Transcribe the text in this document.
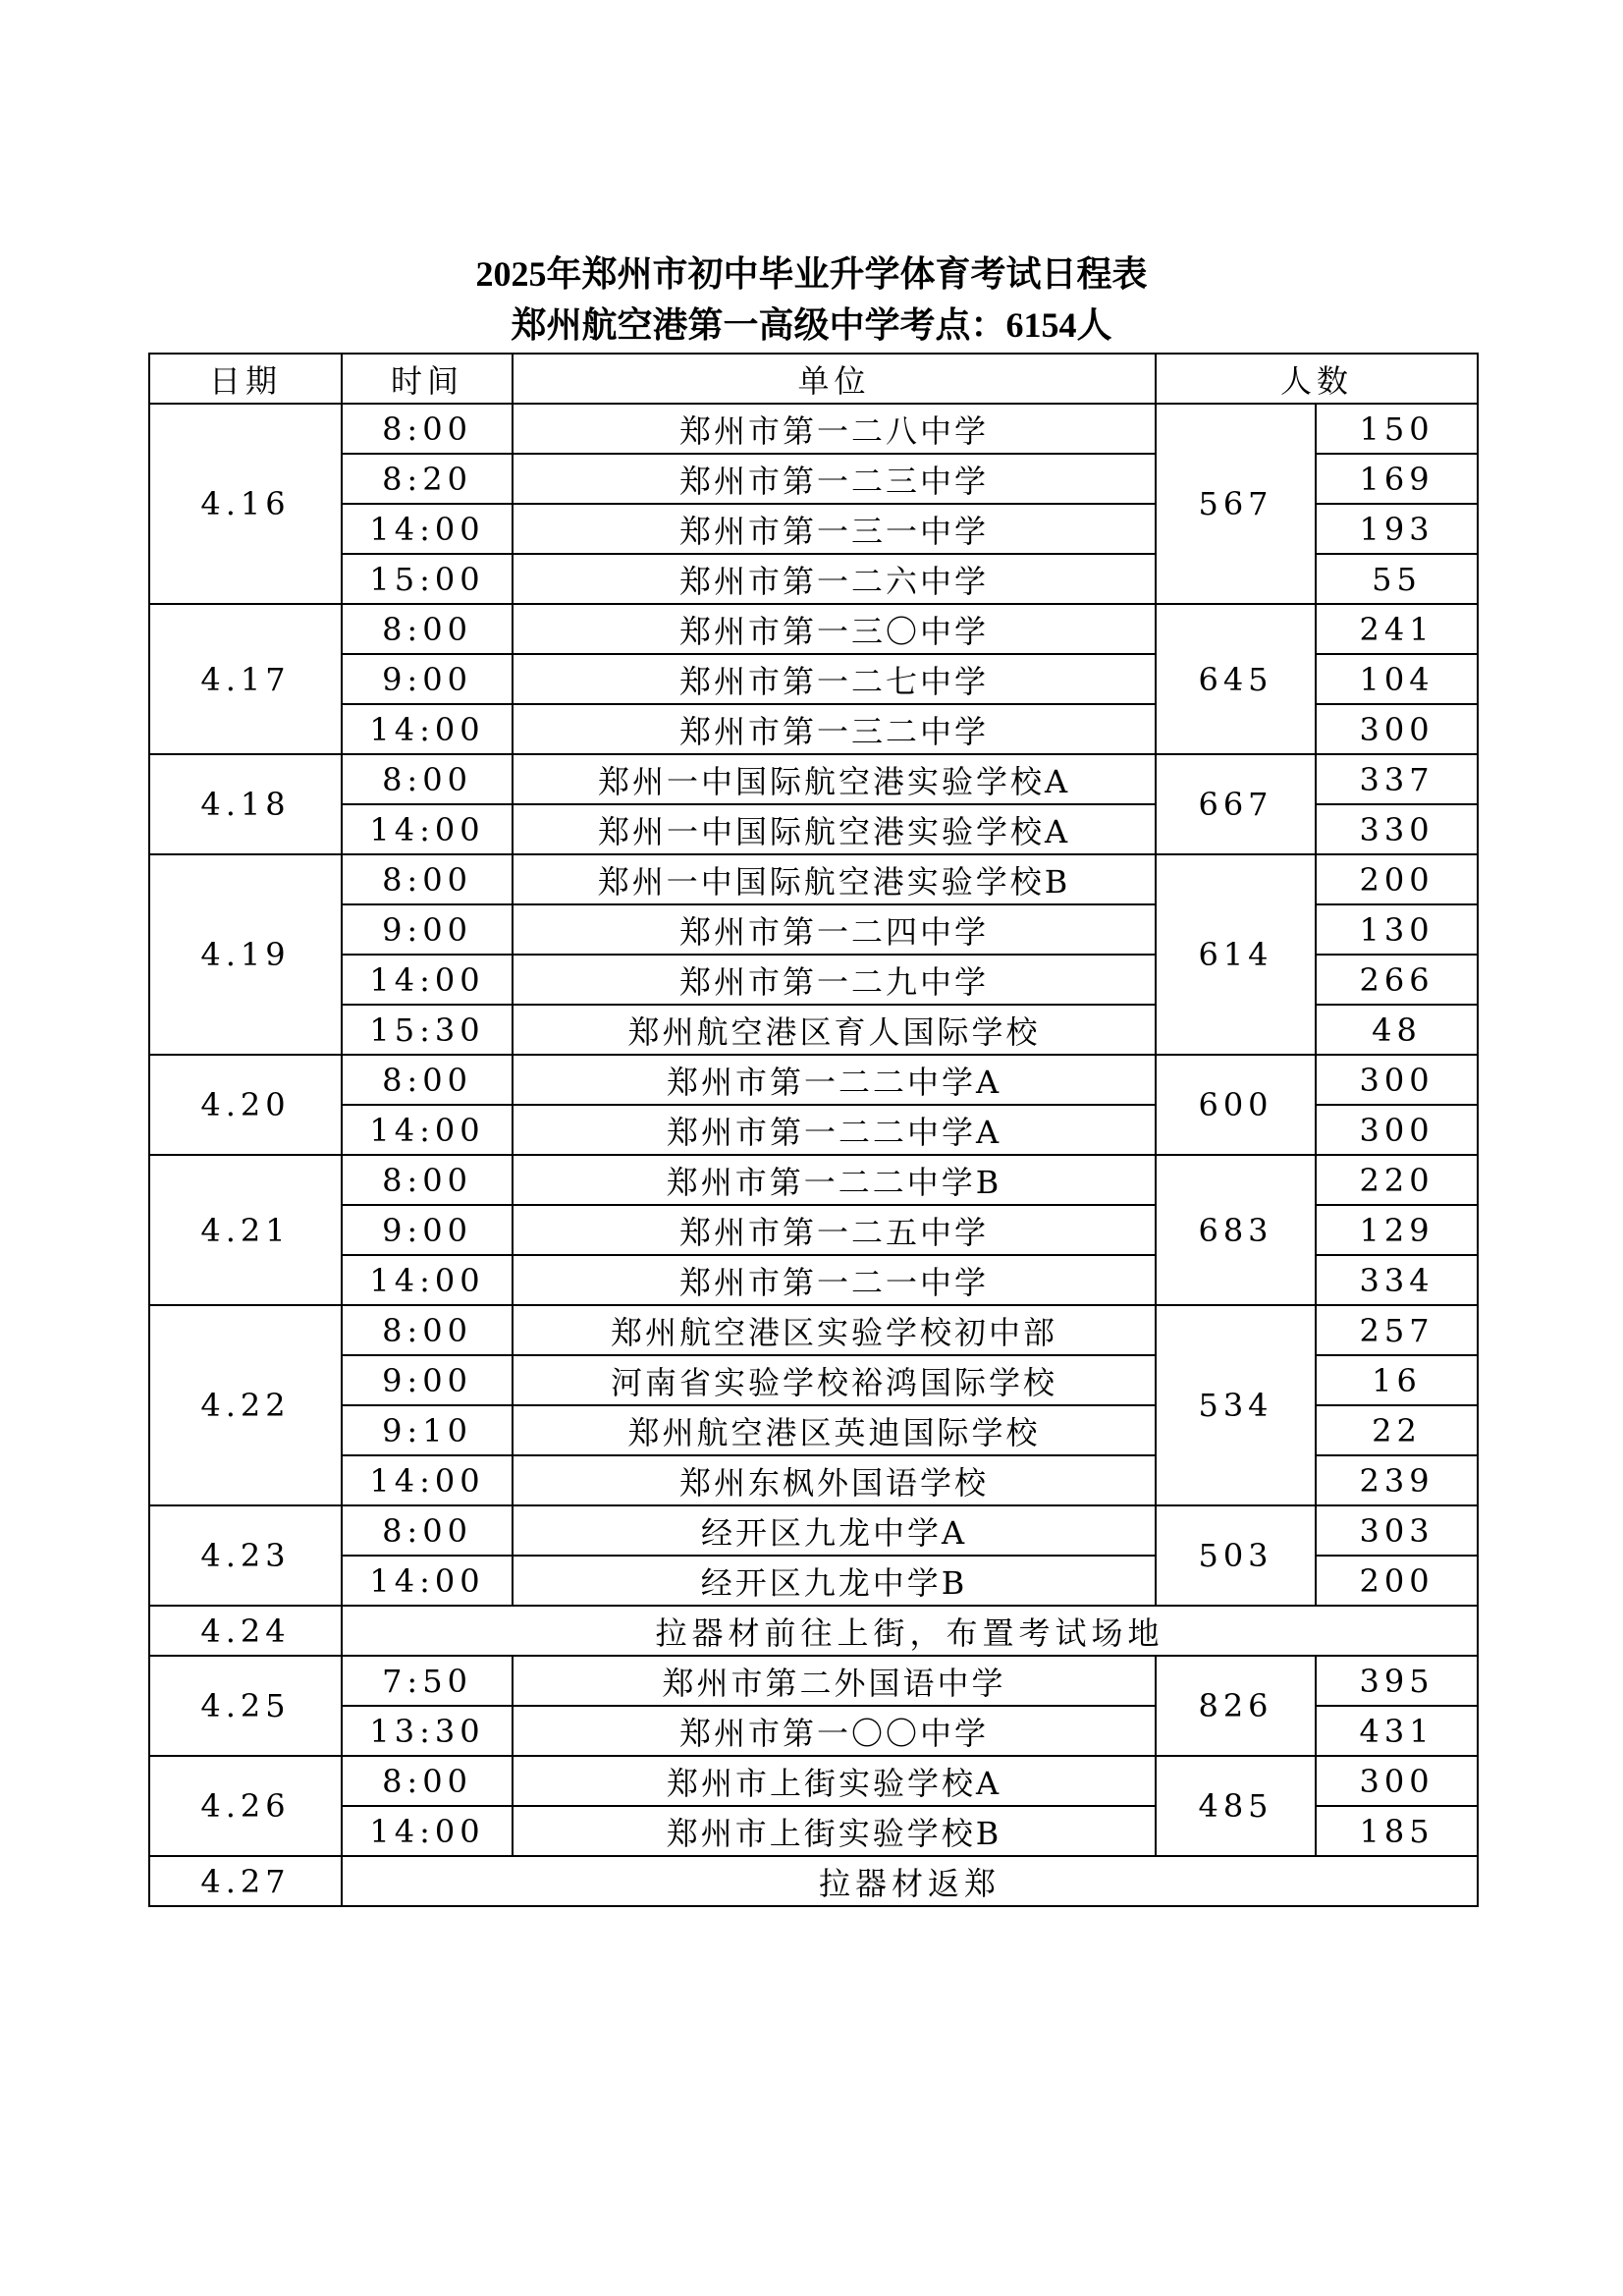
2025年郑州市初中毕业升学体育考试日程表
郑州航空港第一高级中学考点：6154人
日期	时间	单位	人数	
4.16	8:00	郑州市第一二八中学	567	150
	8:20	郑州市第一二三中学		169
	14:00	郑州市第一三一中学		193
	15:00	郑州市第一二六中学		55
4.17	8:00	郑州市第一三〇中学	645	241
	9:00	郑州市第一二七中学		104
	14:00	郑州市第一三二中学		300
4.18	8:00	郑州一中国际航空港实验学校A	667	337
	14:00	郑州一中国际航空港实验学校A		330
4.19	8:00	郑州一中国际航空港实验学校B	614	200
	9:00	郑州市第一二四中学		130
	14:00	郑州市第一二九中学		266
	15:30	郑州航空港区育人国际学校		48
4.20	8:00	郑州市第一二二中学A	600	300
	14:00	郑州市第一二二中学A		300
4.21	8:00	郑州市第一二二中学B	683	220
	9:00	郑州市第一二五中学		129
	14:00	郑州市第一二一中学		334
4.22	8:00	郑州航空港区实验学校初中部	534	257
	9:00	河南省实验学校裕鸿国际学校		16
	9:10	郑州航空港区英迪国际学校		22
	14:00	郑州东枫外国语学校		239
4.23	8:00	经开区九龙中学A	503	303
	14:00	经开区九龙中学B		200
4.24	拉器材前往上街，布置考试场地			
4.25	7:50	郑州市第二外国语中学	826	395
	13:30	郑州市第一〇〇中学		431
4.26	8:00	郑州市上街实验学校A	485	300
	14:00	郑州市上街实验学校B		185
4.27	拉器材返郑			
